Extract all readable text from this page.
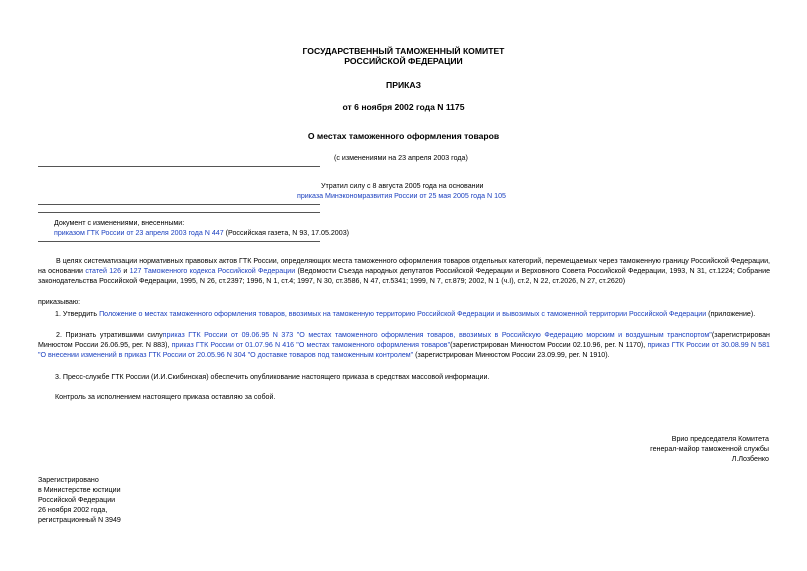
ГОСУДАРСТВЕННЫЙ ТАМОЖЕННЫЙ КОМИТЕТ
РОССИЙСКОЙ ФЕДЕРАЦИИ
ПРИКАЗ
от 6 ноября 2002 года N 1175
О местах таможенного оформления товаров
(с изменениями на 23 апреля 2003 года)
Утратил силу с 8 августа 2005 года на основании
приказа Минэкономразвития России от 25 мая 2005 года N 105
Документ с изменениями, внесенными:
приказом ГТК России от 23 апреля 2003 года N 447 (Российская газета, N 93, 17.05.2003)
В целях систематизации нормативных правовых актов ГТК России, определяющих места таможенного оформления товаров отдельных категорий, перемещаемых через таможенную границу Российской Федерации, на основании статей 126 и 127 Таможенного кодекса Российской Федерации (Ведомости Съезда народных депутатов Российской Федерации и Верховного Совета Российской Федерации, 1993, N 31, ст.1224; Собрание законодательства Российской Федерации, 1995, N 26, ст.2397; 1996, N 1, ст.4; 1997, N 30, ст.3586, N 47, ст.5341; 1999, N 7, ст.879; 2002, N 1 (ч.I), ст.2, N 22, ст.2026, N 27, ст.2620)
приказываю:
1. Утвердить Положение о местах таможенного оформления товаров, ввозимых на таможенную территорию Российской Федерации и вывозимых с таможенной территории Российской Федерации (приложение).
2. Признать утратившими силуприказ ГТК России от 09.06.95 N 373 "О местах таможенного оформления товаров, ввозимых в Российскую Федерацию морским и воздушным транспортом"(зарегистрирован Минюстом России 26.06.95, рег. N 883), приказ ГТК России от 01.07.96 N 416 "О местах таможенного оформления товаров"(зарегистрирован Минюстом России 02.10.96, рег. N 1170), приказ ГТК России от 30.08.99 N 581 "О внесении изменений в приказ ГТК России от 20.05.96 N 304 "О доставке товаров под таможенным контролем" (зарегистрирован Минюстом России 23.09.99, рег. N 1910).
3. Пресс-службе ГТК России (И.И.Скибинская) обеспечить опубликование настоящего приказа в средствах массовой информации.
Контроль за исполнением настоящего приказа оставляю за собой.
Врио председателя Комитета
генерал-майор таможенной службы
Л.Лозбенко
Зарегистрировано
в Министерстве юстиции
Российской Федерации
26 ноября 2002 года,
регистрационный N 3949
